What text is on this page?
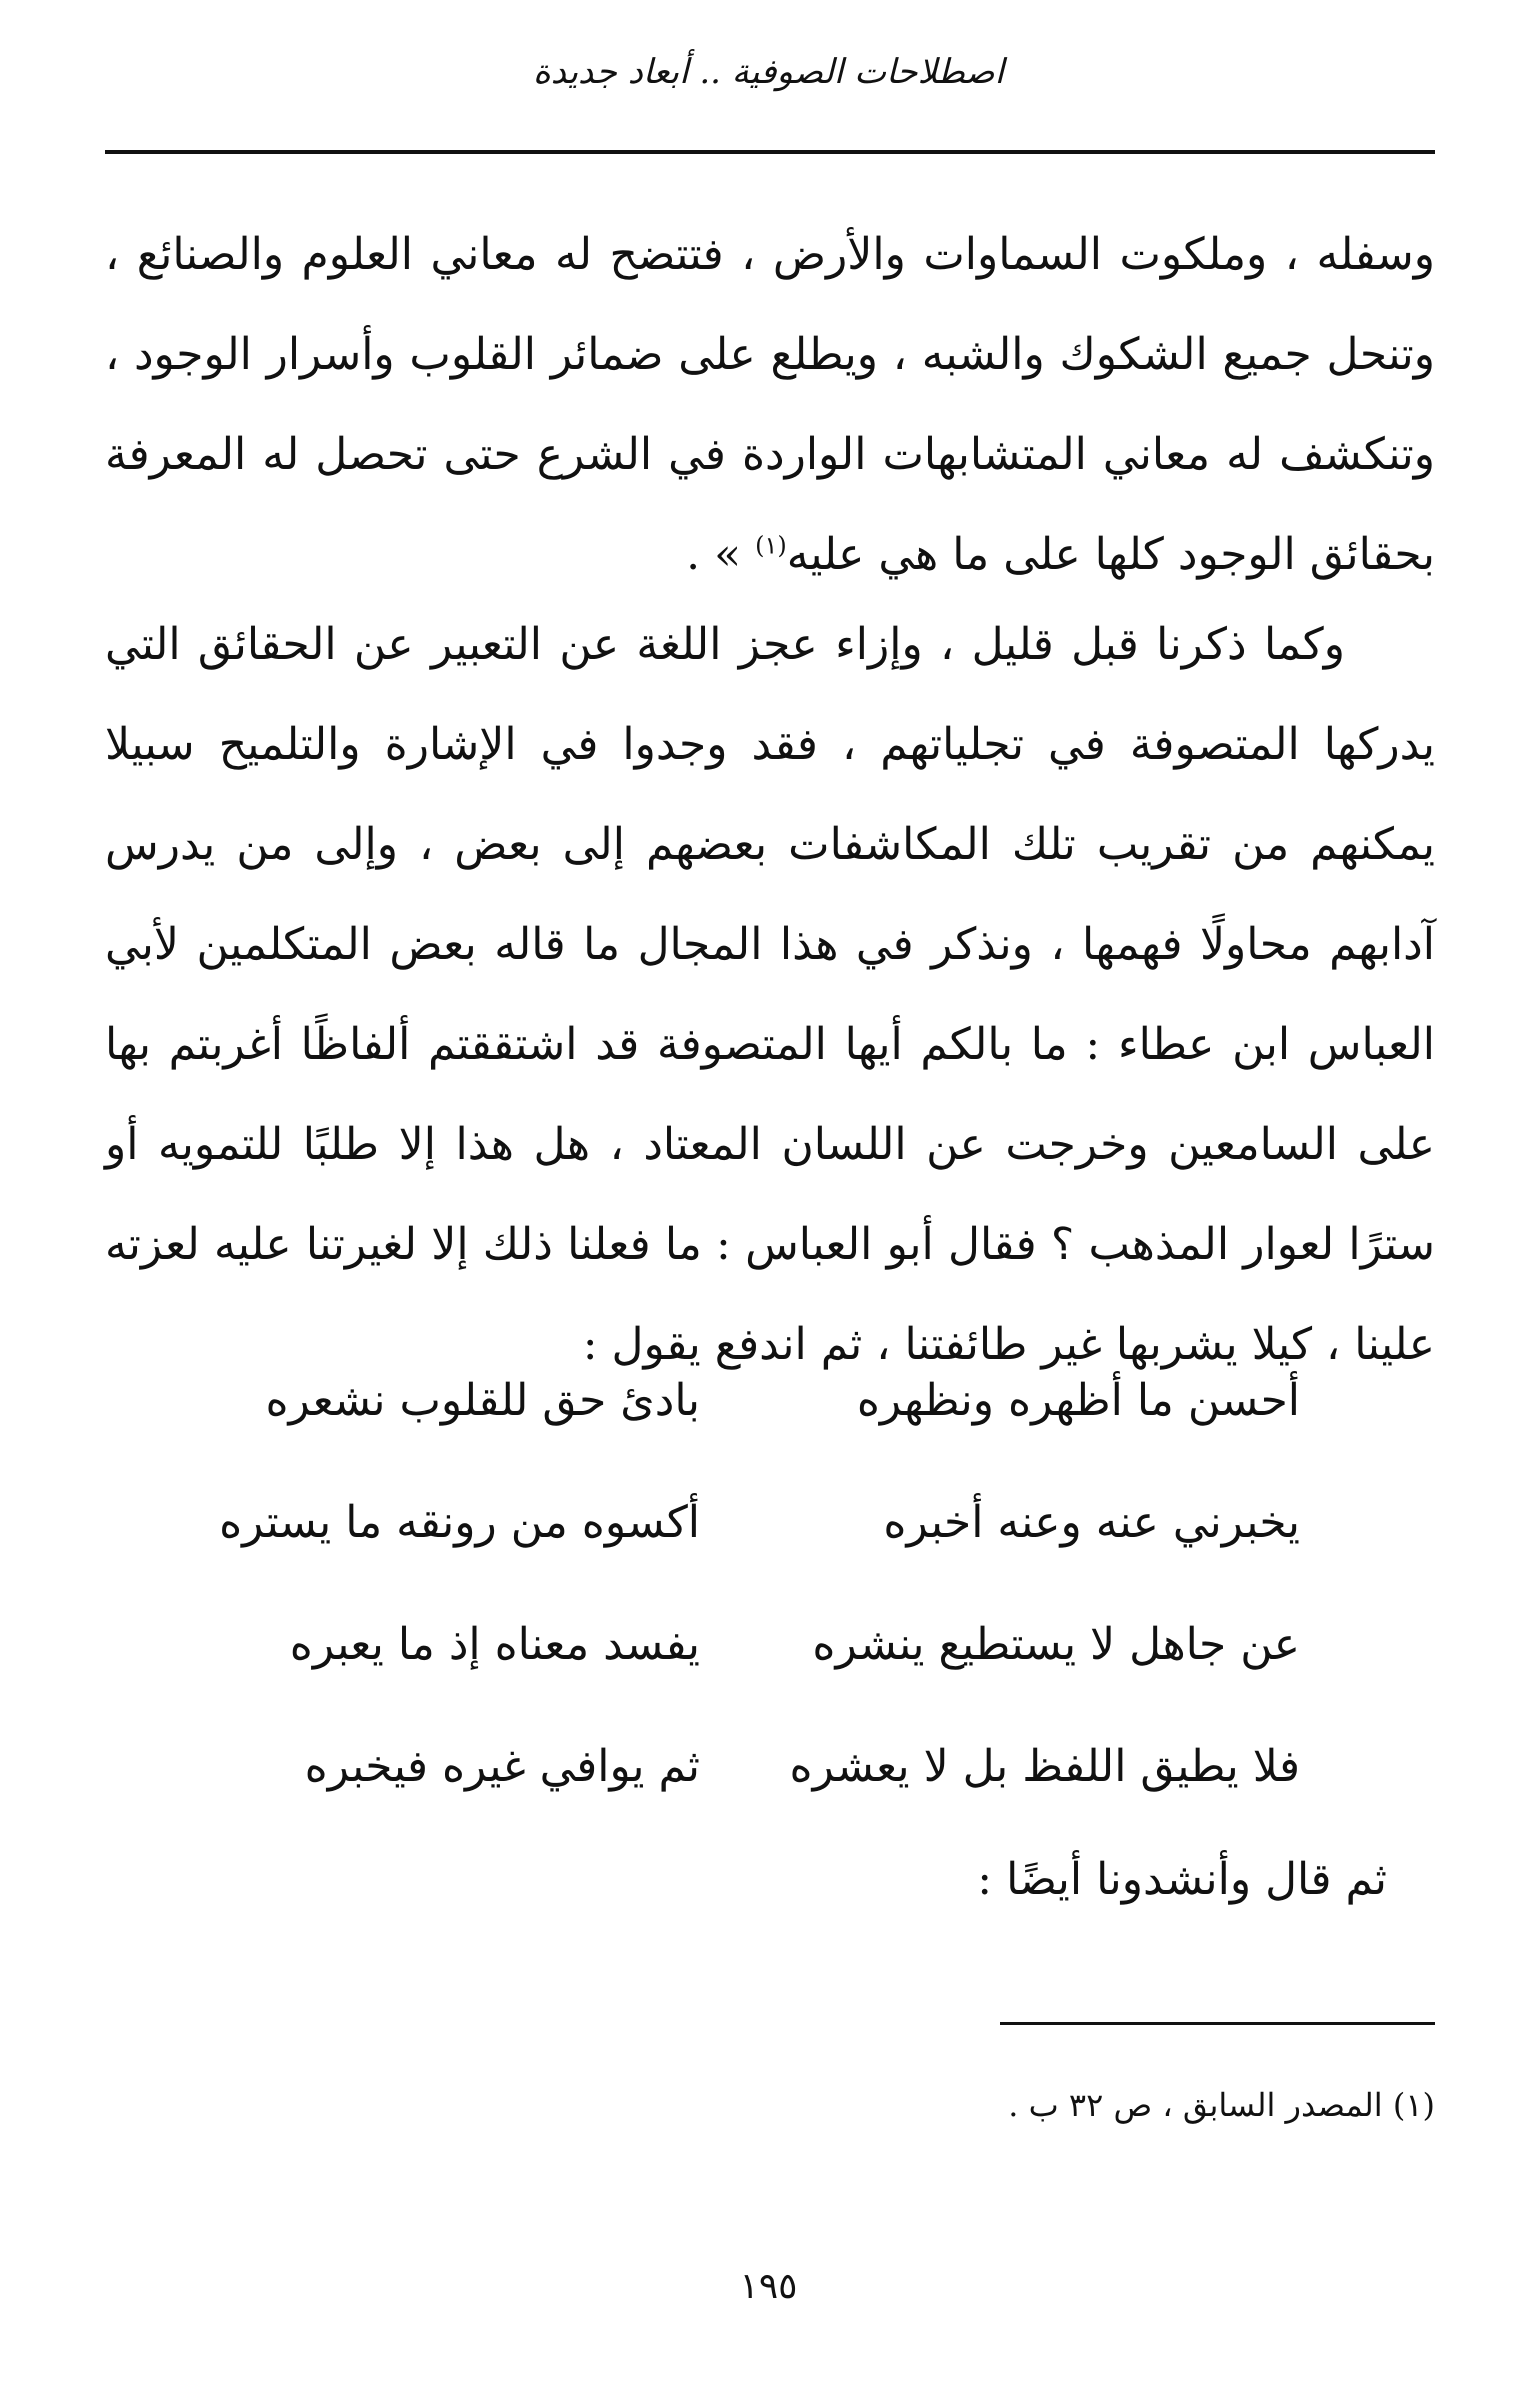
اصطلاحات الصوفية .. أبعاد جديدة

وسفله ، وملكوت السماوات والأرض ، فتتضح له معاني العلوم والصنائع ، وتنحل جميع الشكوك والشبه ، ويطلع على ضمائر القلوب وأسرار الوجود ، وتنكشف له معاني المتشابهات الواردة في الشرع حتى تحصل له المعرفة بحقائق الوجود كلها على ما هي عليه$^{(١)}$ » .

وكما ذكرنا قبل قليل ، وإزاء عجز اللغة عن التعبير عن الحقائق التي يدركها المتصوفة في تجلياتهم ، فقد وجدوا في الإشارة والتلميح سبيلا يمكنهم من تقريب تلك المكاشفات بعضهم إلى بعض ، وإلى من يدرس آدابهم محاولًا فهمها ، ونذكر في هذا المجال ما قاله بعض المتكلمين لأبي العباس ابن عطاء : ما بالكم أيها المتصوفة قد اشتققتم ألفاظًا أغربتم بها على السامعين وخرجت عن اللسان المعتاد ، هل هذا إلا طلبًا للتمويه أو سترًا لعوار المذهب ؟ فقال أبو العباس : ما فعلنا ذلك إلا لغيرتنا عليه لعزته علينا ، كيلا يشربها غير طائفتنا ، ثم اندفع يقول :

أحسن ما أظهره ونظهره
بادئ حق للقلوب نشعره
يخبرني عنه وعنه أخبره
أكسوه من رونقه ما يستره
عن جاهل لا يستطيع ينشره
يفسد معناه إذ ما يعبره
فلا يطيق اللفظ بل لا يعشره
ثم يوافي غيره فيخبره
ثم قال وأنشدونا أيضًا :
(١) المصدر السابق ، ص ٣٢ ب .
١٩٥
